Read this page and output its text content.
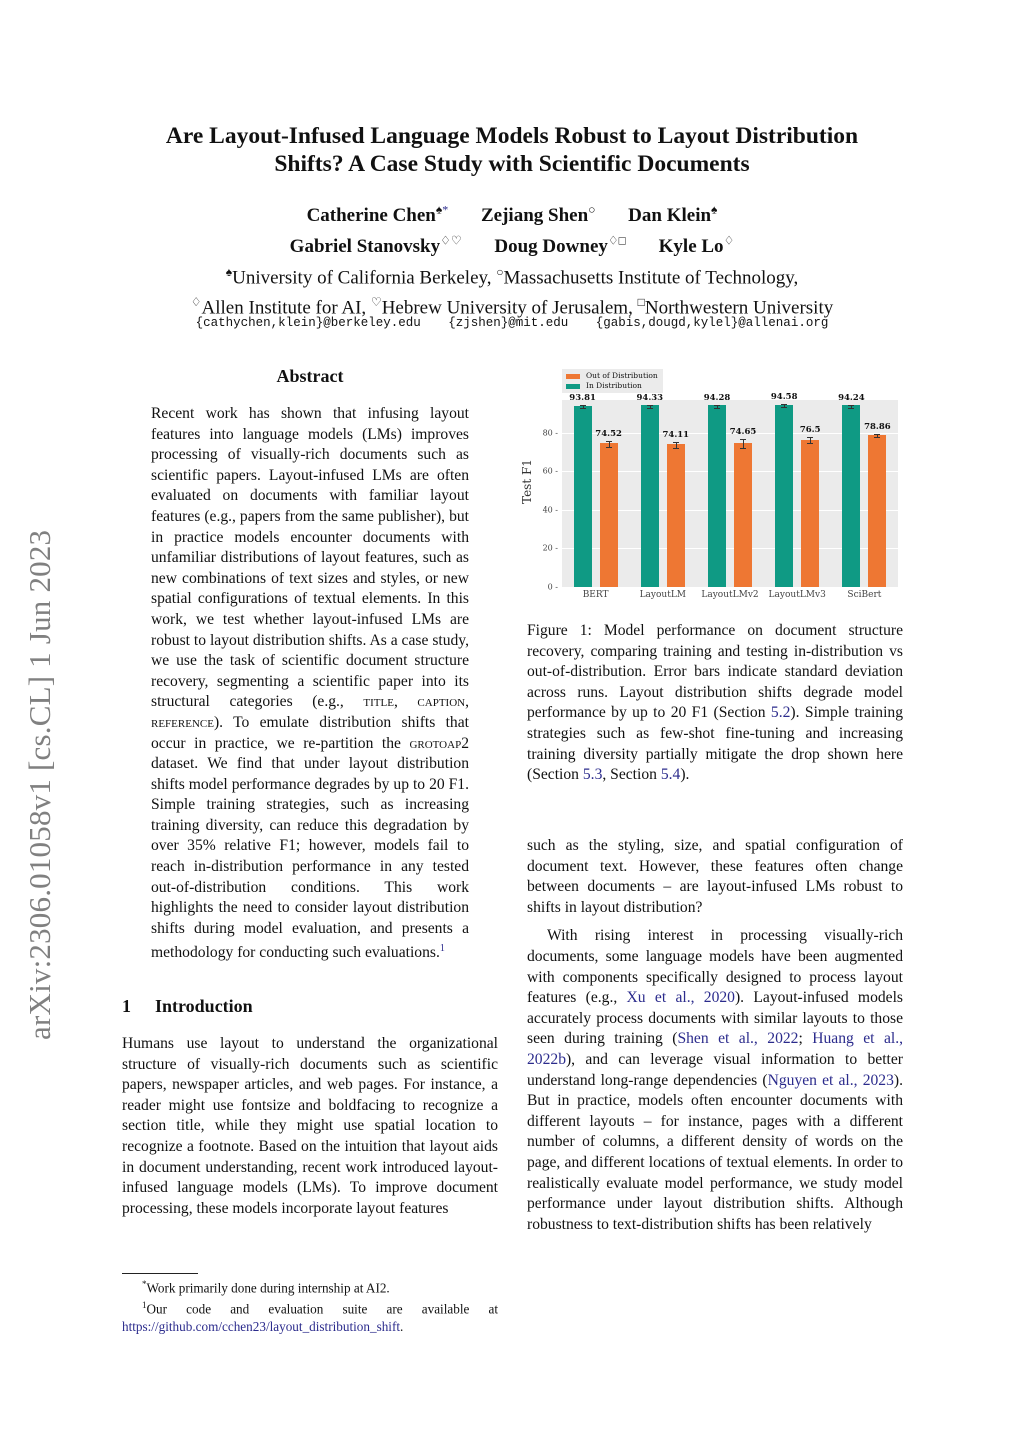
arXiv:2306.01058v1 [cs.CL] 1 Jun 2023
Are Layout-Infused Language Models Robust to Layout Distribution
Shifts? A Case Study with Scientific Documents
Catherine Chen♠* Zejiang Shen○ Dan Klein♠
Gabriel Stanovsky♢♡ Doug Downey♢□ Kyle Lo♢
♠University of California Berkeley, ○Massachusetts Institute of Technology,
♢Allen Institute for AI, ♡Hebrew University of Jerusalem, □Northwestern University
{cathychen,klein}@berkeley.edu {zjshen}@mit.edu {gabis,dougd,kylel}@allenai.org
Abstract
Recent work has shown that infusing layout features into language models (LMs) improves processing of visually-rich documents such as scientific papers. Layout-infused LMs are often evaluated on documents with familiar layout features (e.g., papers from the same publisher), but in practice models encounter documents with unfamiliar distributions of layout features, such as new combinations of text sizes and styles, or new spatial configurations of textual elements. In this work, we test whether layout-infused LMs are robust to layout distribution shifts. As a case study, we use the task of scientific document structure recovery, segmenting a scientific paper into its structural categories (e.g., title, caption, reference). To emulate distribution shifts that occur in practice, we re-partition the grotoap2 dataset. We find that under layout distribution shifts model performance degrades by up to 20 F1. Simple training strategies, such as increasing training diversity, can reduce this degradation by over 35% relative F1; however, models fail to reach in-distribution performance in any tested out-of-distribution conditions. This work highlights the need to consider layout distribution shifts during model evaluation, and presents a methodology for conducting such evaluations.$^1$
1 Introduction
Humans use layout to understand the organizational structure of visually-rich documents such as scientific papers, newspaper articles, and web pages. For instance, a reader might use fontsize and boldfacing to recognize a section title, while they might use spatial location to recognize a footnote. Based on the intuition that layout aids in document understanding, recent work introduced layout-infused language models (LMs). To improve document processing, these models incorporate layout features

*Work primarily done during internship at AI2.

$^1$Our code and evaluation suite are available at https://github.com/cchen23/layout_distribution_shift.

Out of Distribution
In Distribution
Test F1
93.81
74.52
94.33
74.11
94.28
74.65
94.58
76.5
94.24
78.86
0 -
20 -
40 -
60 -
80 -
BERT	LayoutLM LayoutLMv2 LayoutLMv3 SciBert
Figure 1: Model performance on document structure recovery, comparing training and testing in-distribution vs out-of-distribution. Error bars indicate standard deviation across runs. Layout distribution shifts degrade model performance by up to 20 F1 (Section 5.2). Simple training strategies such as few-shot fine-tuning and increasing training diversity partially mitigate the drop shown here (Section 5.3, Section 5.4).

such as the styling, size, and spatial configuration of document text. However, these features often change between documents – are layout-infused LMs robust to shifts in layout distribution?

With rising interest in processing visually-rich documents, some language models have been augmented with components specifically designed to process layout features (e.g., Xu et al., 2020). Layout-infused models accurately process documents with similar layouts to those seen during training (Shen et al., 2022; Huang et al., 2022b), and can leverage visual information to better understand long-range dependencies (Nguyen et al., 2023). But in practice, models often encounter documents with different layouts – for instance, pages with a different number of columns, a different density of words on the page, and different locations of textual elements. In order to realistically evaluate model performance, we study model performance under layout distribution shifts. Although robustness to text-distribution shifts has been relatively
